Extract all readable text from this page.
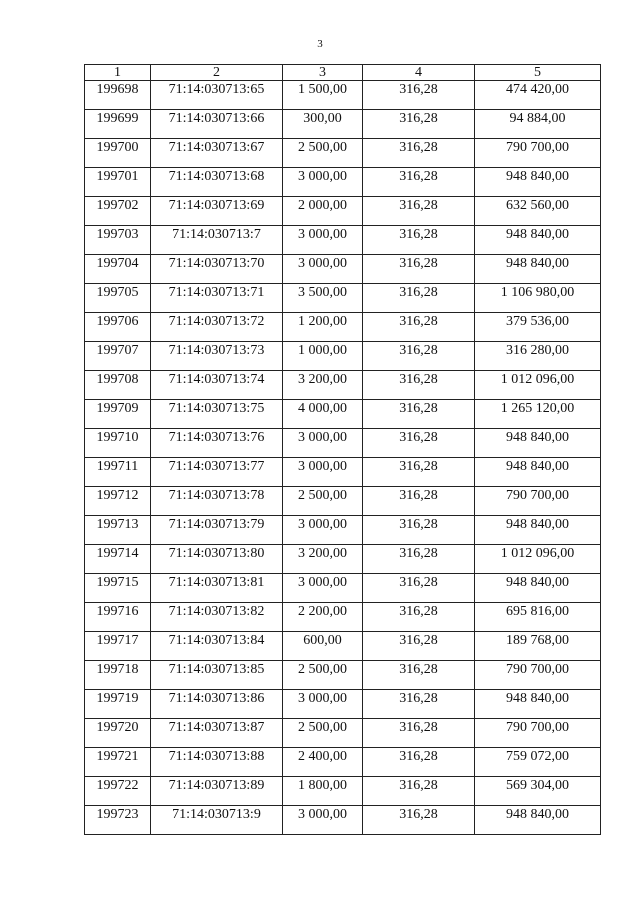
3
1	2	3	4	5
199698	71:14:030713:65	1 500,00	316,28	474 420,00
199699	71:14:030713:66	300,00	316,28	94 884,00
199700	71:14:030713:67	2 500,00	316,28	790 700,00
199701	71:14:030713:68	3 000,00	316,28	948 840,00
199702	71:14:030713:69	2 000,00	316,28	632 560,00
199703	71:14:030713:7	3 000,00	316,28	948 840,00
199704	71:14:030713:70	3 000,00	316,28	948 840,00
199705	71:14:030713:71	3 500,00	316,28	1 106 980,00
199706	71:14:030713:72	1 200,00	316,28	379 536,00
199707	71:14:030713:73	1 000,00	316,28	316 280,00
199708	71:14:030713:74	3 200,00	316,28	1 012 096,00
199709	71:14:030713:75	4 000,00	316,28	1 265 120,00
199710	71:14:030713:76	3 000,00	316,28	948 840,00
199711	71:14:030713:77	3 000,00	316,28	948 840,00
199712	71:14:030713:78	2 500,00	316,28	790 700,00
199713	71:14:030713:79	3 000,00	316,28	948 840,00
199714	71:14:030713:80	3 200,00	316,28	1 012 096,00
199715	71:14:030713:81	3 000,00	316,28	948 840,00
199716	71:14:030713:82	2 200,00	316,28	695 816,00
199717	71:14:030713:84	600,00	316,28	189 768,00
199718	71:14:030713:85	2 500,00	316,28	790 700,00
199719	71:14:030713:86	3 000,00	316,28	948 840,00
199720	71:14:030713:87	2 500,00	316,28	790 700,00
199721	71:14:030713:88	2 400,00	316,28	759 072,00
199722	71:14:030713:89	1 800,00	316,28	569 304,00
199723	71:14:030713:9	3 000,00	316,28	948 840,00
